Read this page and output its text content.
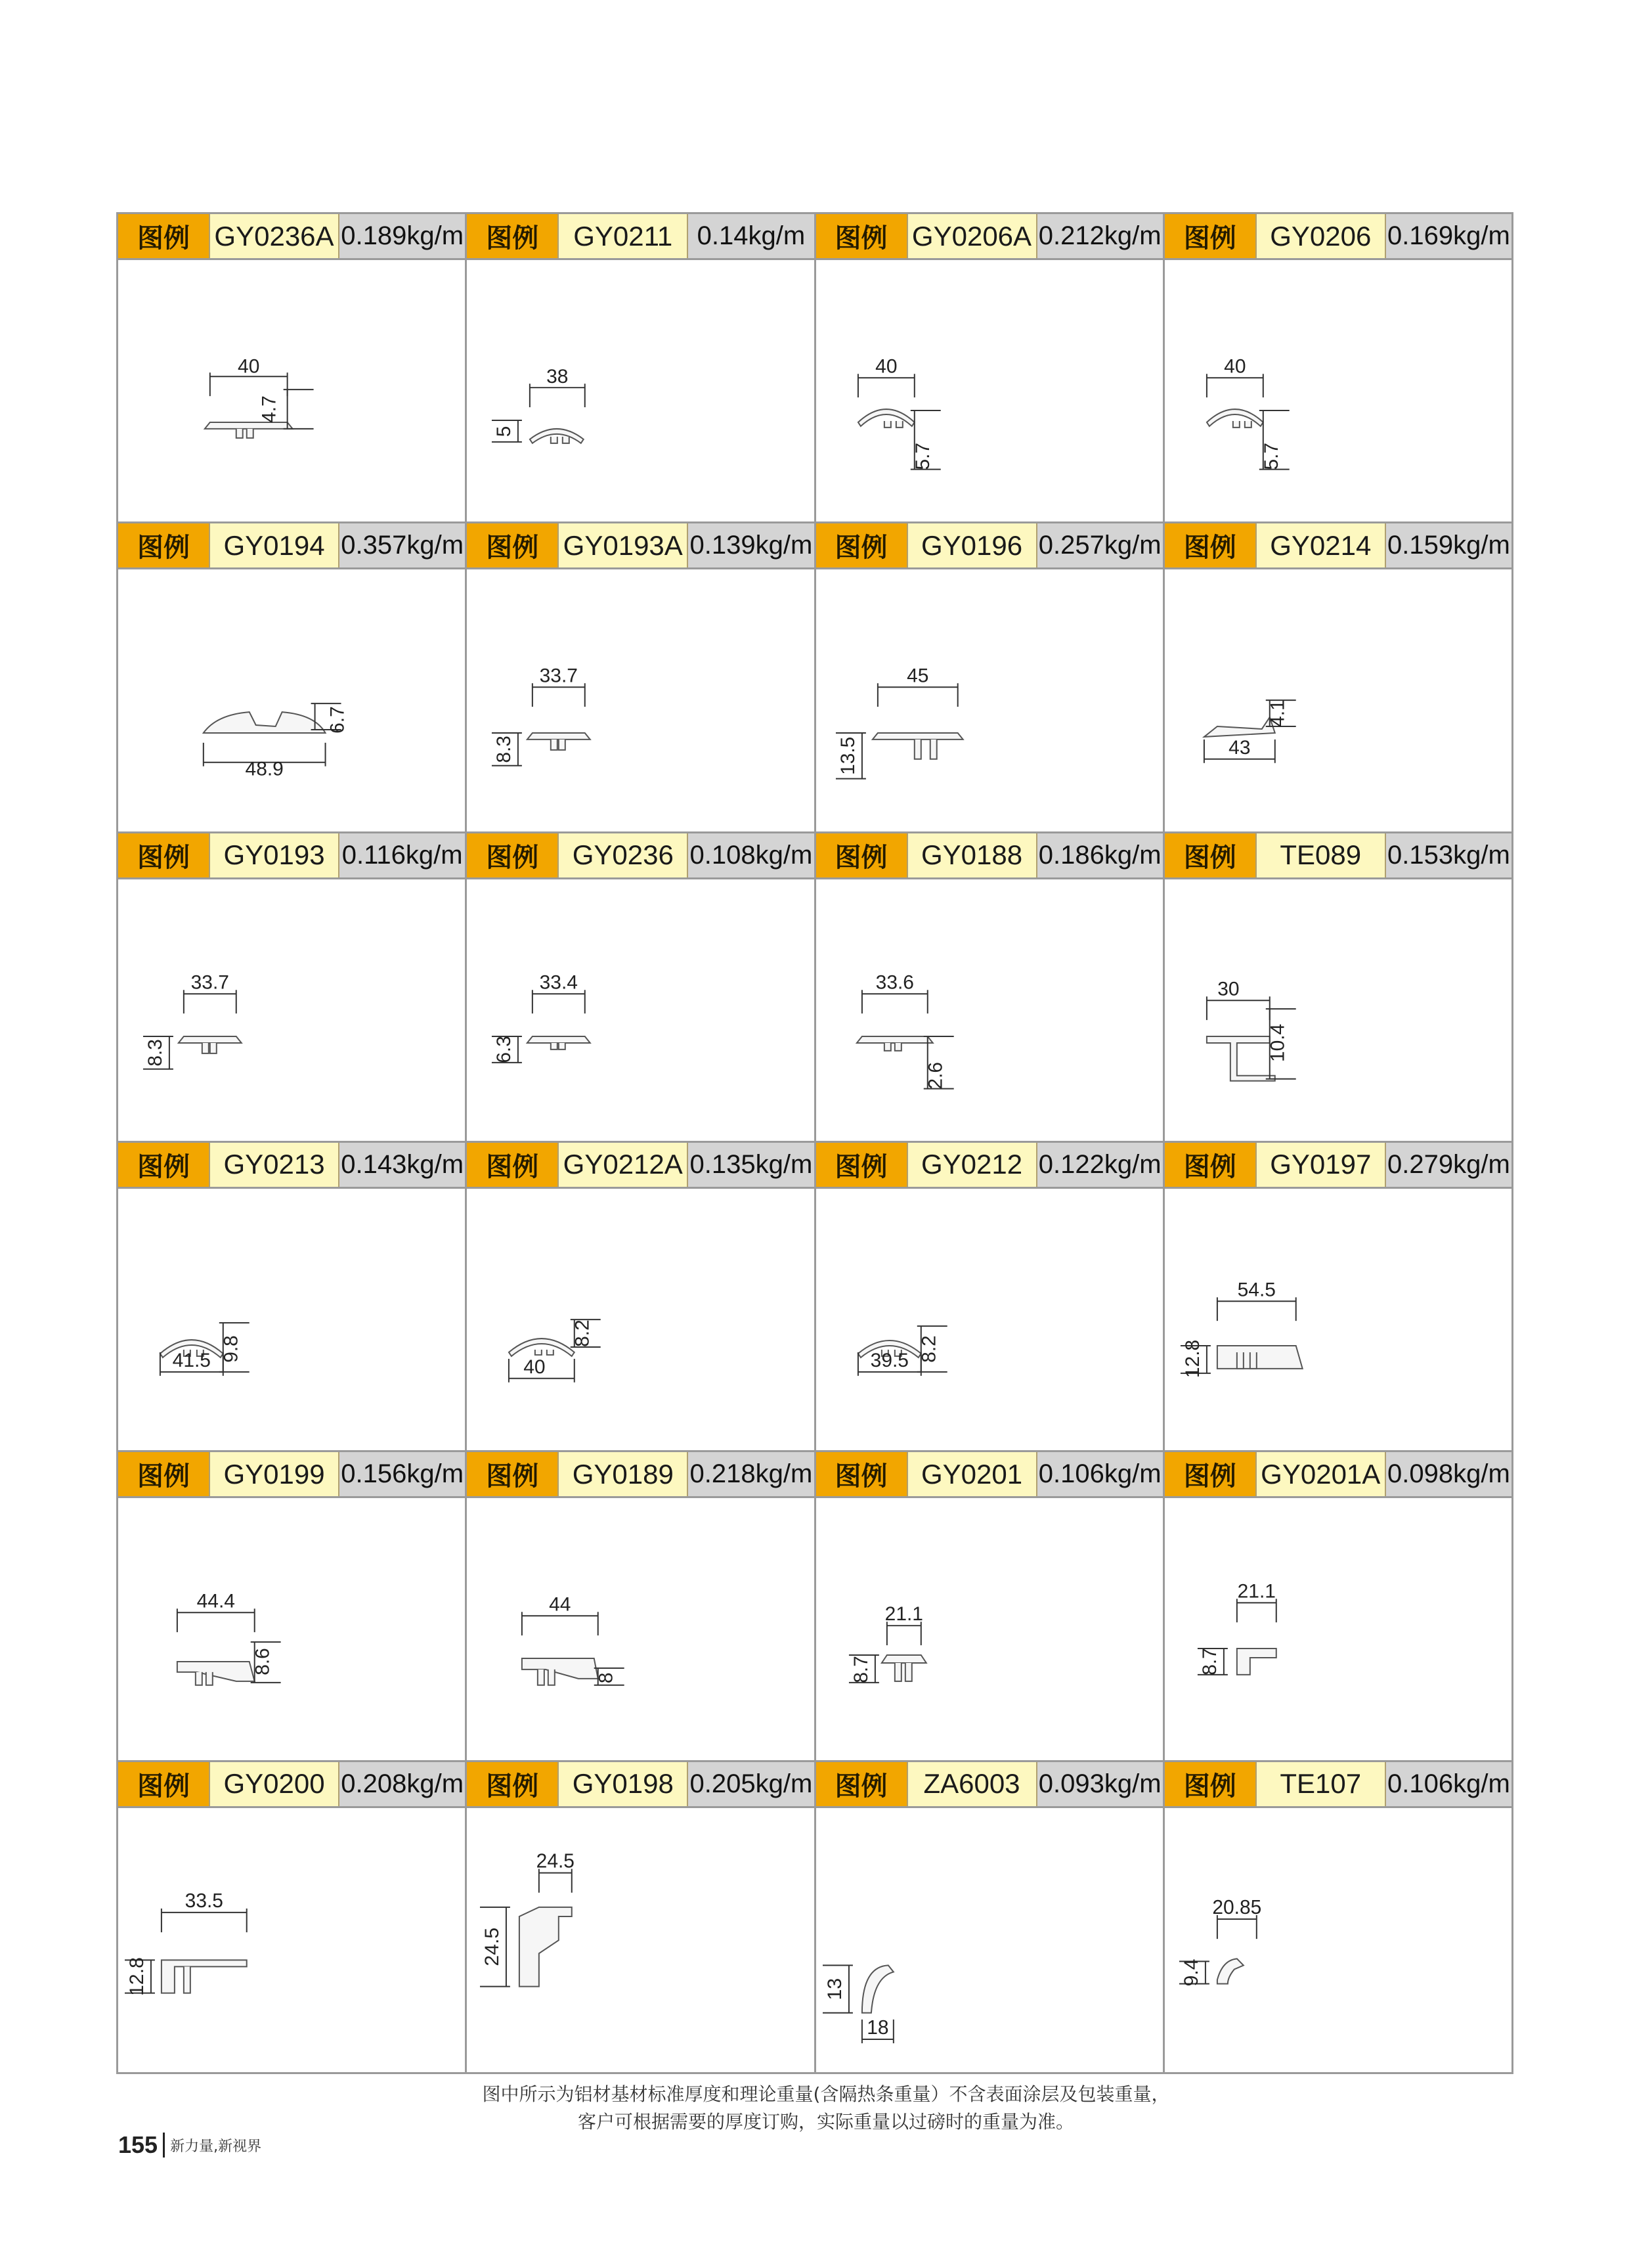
图例 GY0236A 0.189kg/m
40
4.7
图例	GY0211 0.14kg/m
38
5
图例 GY0206A 0.212kg/m
40
5.7
图例	GY0206 0.169kg/m
40
5.7
图例	GY0194 0.357kg/m
48.9
6.7
图例 GY0193A 0.139kg/m
33.7
8.3
图例	GY0196 0.257kg/m
45
13.5
图例	GY0214 0.159kg/m
43
4.1
图例	GY0193 0.116kg/m
33.7
8.3
图例	GY0236 0.108kg/m
33.4
6.3
图例	GY0188 0.186kg/m
33.6
2.6
图例	TE089 0.153kg/m
30
10.4
图例	GY0213 0.143kg/m
41.5 9.8
图例 GY0212A 0.135kg/m
40
8.2
图例	GY0212 0.122kg/m
39.5 8.2
图例	GY0197 0.279kg/m
54.5
12.8
图例	GY0199 0.156kg/m
44.4
8.6
图例	GY0189 0.218kg/m
44
8
图例	GY0201 0.106kg/m
21.1
8.7
图例 GY0201A 0.098kg/m
21.1
8.7
图例	GY0200 0.208kg/m
33.5
12.8
图例	GY0198 0.205kg/m
24.5
24.5
图例	ZA6003 0.093kg/m
18
13
图例	TE107 0.106kg/m
20.85
9.4
图中所示为铝材基材标准厚度和理论重量(含隔热条重量）不含表面涂层及包装重量，
客户可根据需要的厚度订购，实际重量以过磅时的重量为准。
155 新力量,新视界
